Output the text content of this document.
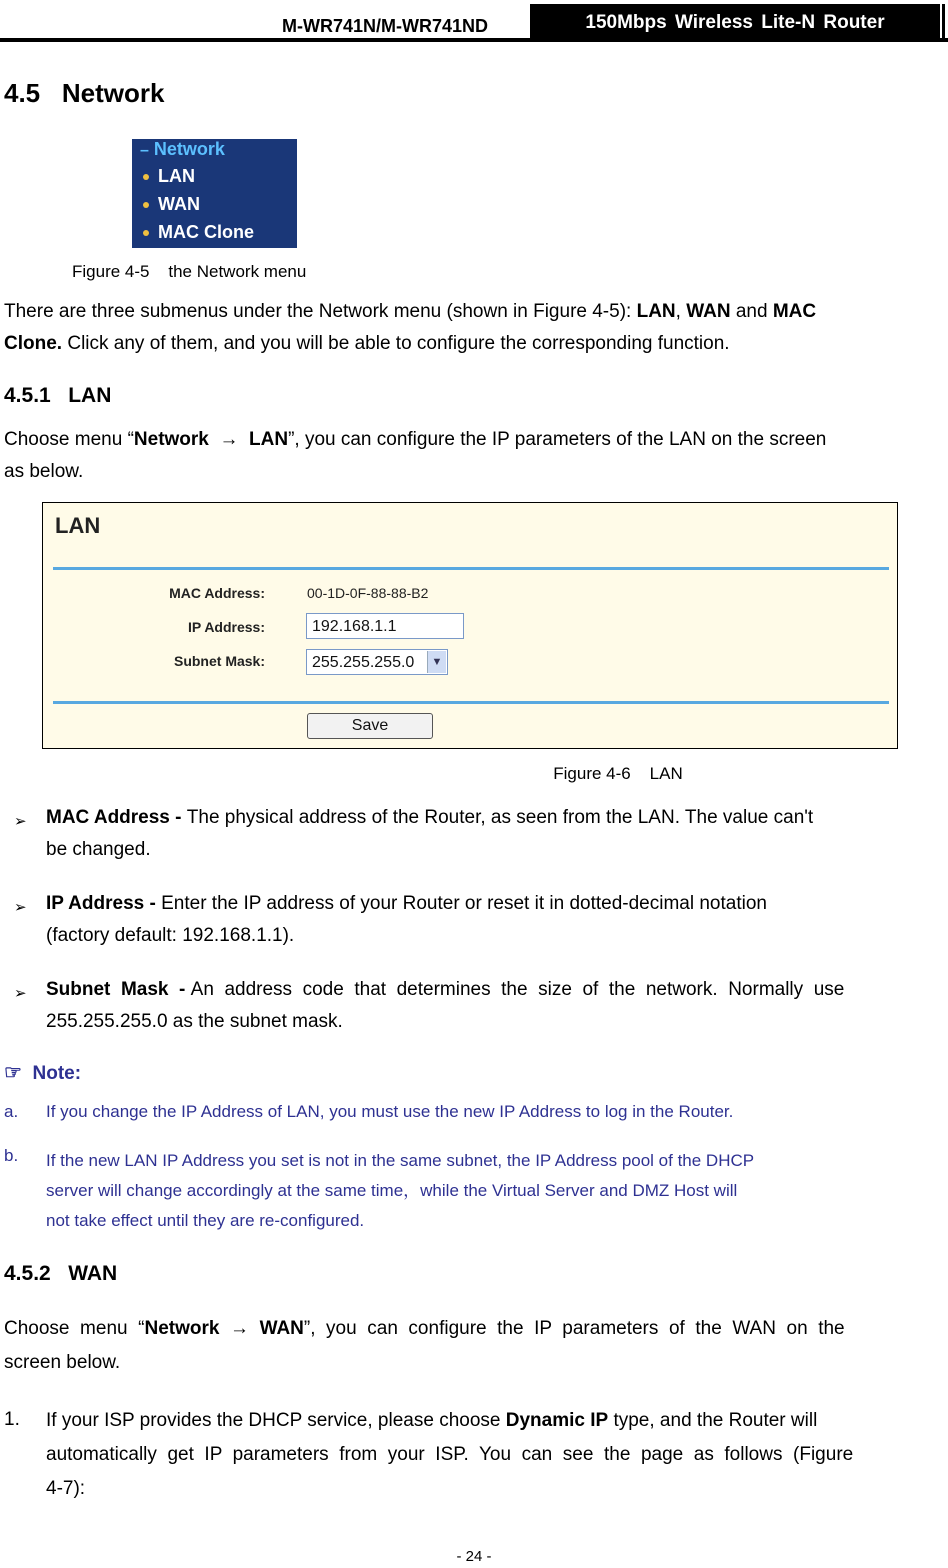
M-WR741N/M-WR741ND	150Mbps Wireless Lite-N Router
4.5 Network
– Network
LAN
WAN
MAC Clone
Figure 4-5    the Network menu
There are three submenus under the Network menu (shown in Figure 4-5): LAN, WAN and MAC
Clone. Click any of them, and you will be able to configure the corresponding function.
4.5.1 LAN
Choose menu “Network → LAN”, you can configure the IP parameters of the LAN on the screen
as below.
LAN
MAC Address:	00-1D-0F-88-88-B2
IP Address:	192.168.1.1
Subnet Mask:	255.255.255.0	▼
Save
Figure 4-6    LAN
➢ MAC Address - The physical address of the Router, as seen from the LAN. The value can't
be changed.
➢ IP Address - Enter the IP address of your Router or reset it in dotted-decimal notation
(factory default: 192.168.1.1).
➢ Subnet  Mask  - An  address  code  that  determines  the  size  of  the  network.  Normally  use
255.255.255.0 as the subnet mask.
☞ Note:
a. If you change the IP Address of LAN, you must use the new IP Address to log in the Router.
b. If the new LAN IP Address you set is not in the same subnet, the IP Address pool of the DHCP
server will change accordingly at the same time，while the Virtual Server and DMZ Host will
not take effect until they are re-configured.
4.5.2 WAN
Choose  menu  “Network → WAN”,  you  can  configure  the  IP  parameters  of  the  WAN  on  the
screen below.
1. If your ISP provides the DHCP service, please choose Dynamic IP type, and the Router will
automatically  get  IP  parameters  from  your  ISP.  You  can  see  the  page  as  follows  (Figure
4-7):
- 24 -
